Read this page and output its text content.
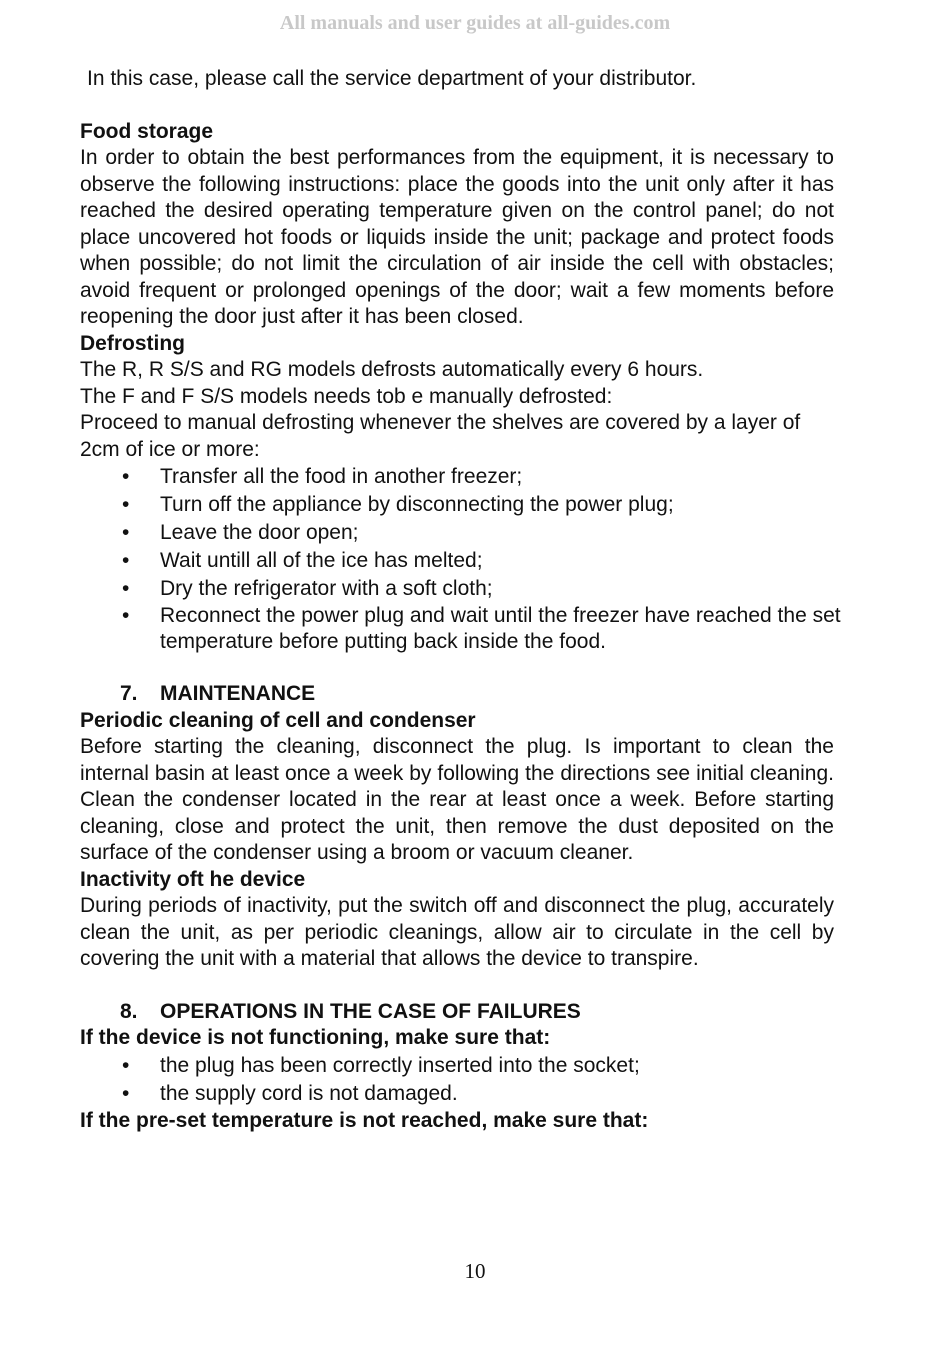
All manuals and user guides at all-guides.com

In this case, please call the service department of your distributor.

Food storage

In order to obtain the best performances from the equipment, it is necessary to observe the following instructions: place the goods into the unit only after it has reached the desired operating temperature given on the control panel; do not place uncovered hot foods or liquids inside the unit; package and protect foods when possible; do not limit the circulation of air inside the cell with obstacles; avoid frequent or prolonged openings of the door; wait a few moments before reopening the door just after it has been closed.

Defrosting

The R, R S/S and RG models defrosts automatically every 6 hours.

The F and F S/S models needs tob e manually defrosted:

Proceed to manual defrosting whenever the shelves are covered by a layer of 2cm of ice or more:

• Transfer all the food in another freezer;
• Turn off the appliance by disconnecting the power plug;
• Leave the door open;
• Wait untill all of the ice has melted;
• Dry the refrigerator with a soft cloth;
• Reconnect the power plug and wait until the freezer have reached the set temperature before putting back inside the food.

7. MAINTENANCE

Periodic cleaning of cell and condenser

Before starting the cleaning, disconnect the plug. Is important to clean the internal basin at least once a week by following the directions see initial cleaning. Clean the condenser located in the rear at least once a week. Before starting cleaning, close and protect the unit, then remove the dust deposited on the surface of the condenser using a broom or vacuum cleaner.

Inactivity oft he device

During periods of inactivity, put the switch off and disconnect the plug, accurately clean the unit, as per periodic cleanings, allow air to circulate in the cell by covering the unit with a material that allows the device to transpire.

8. OPERATIONS IN THE CASE OF FAILURES

If the device is not functioning, make sure that:

• the plug has been correctly inserted into the socket;
• the supply cord is not damaged.

If the pre-set temperature is not reached, make sure that:

10
